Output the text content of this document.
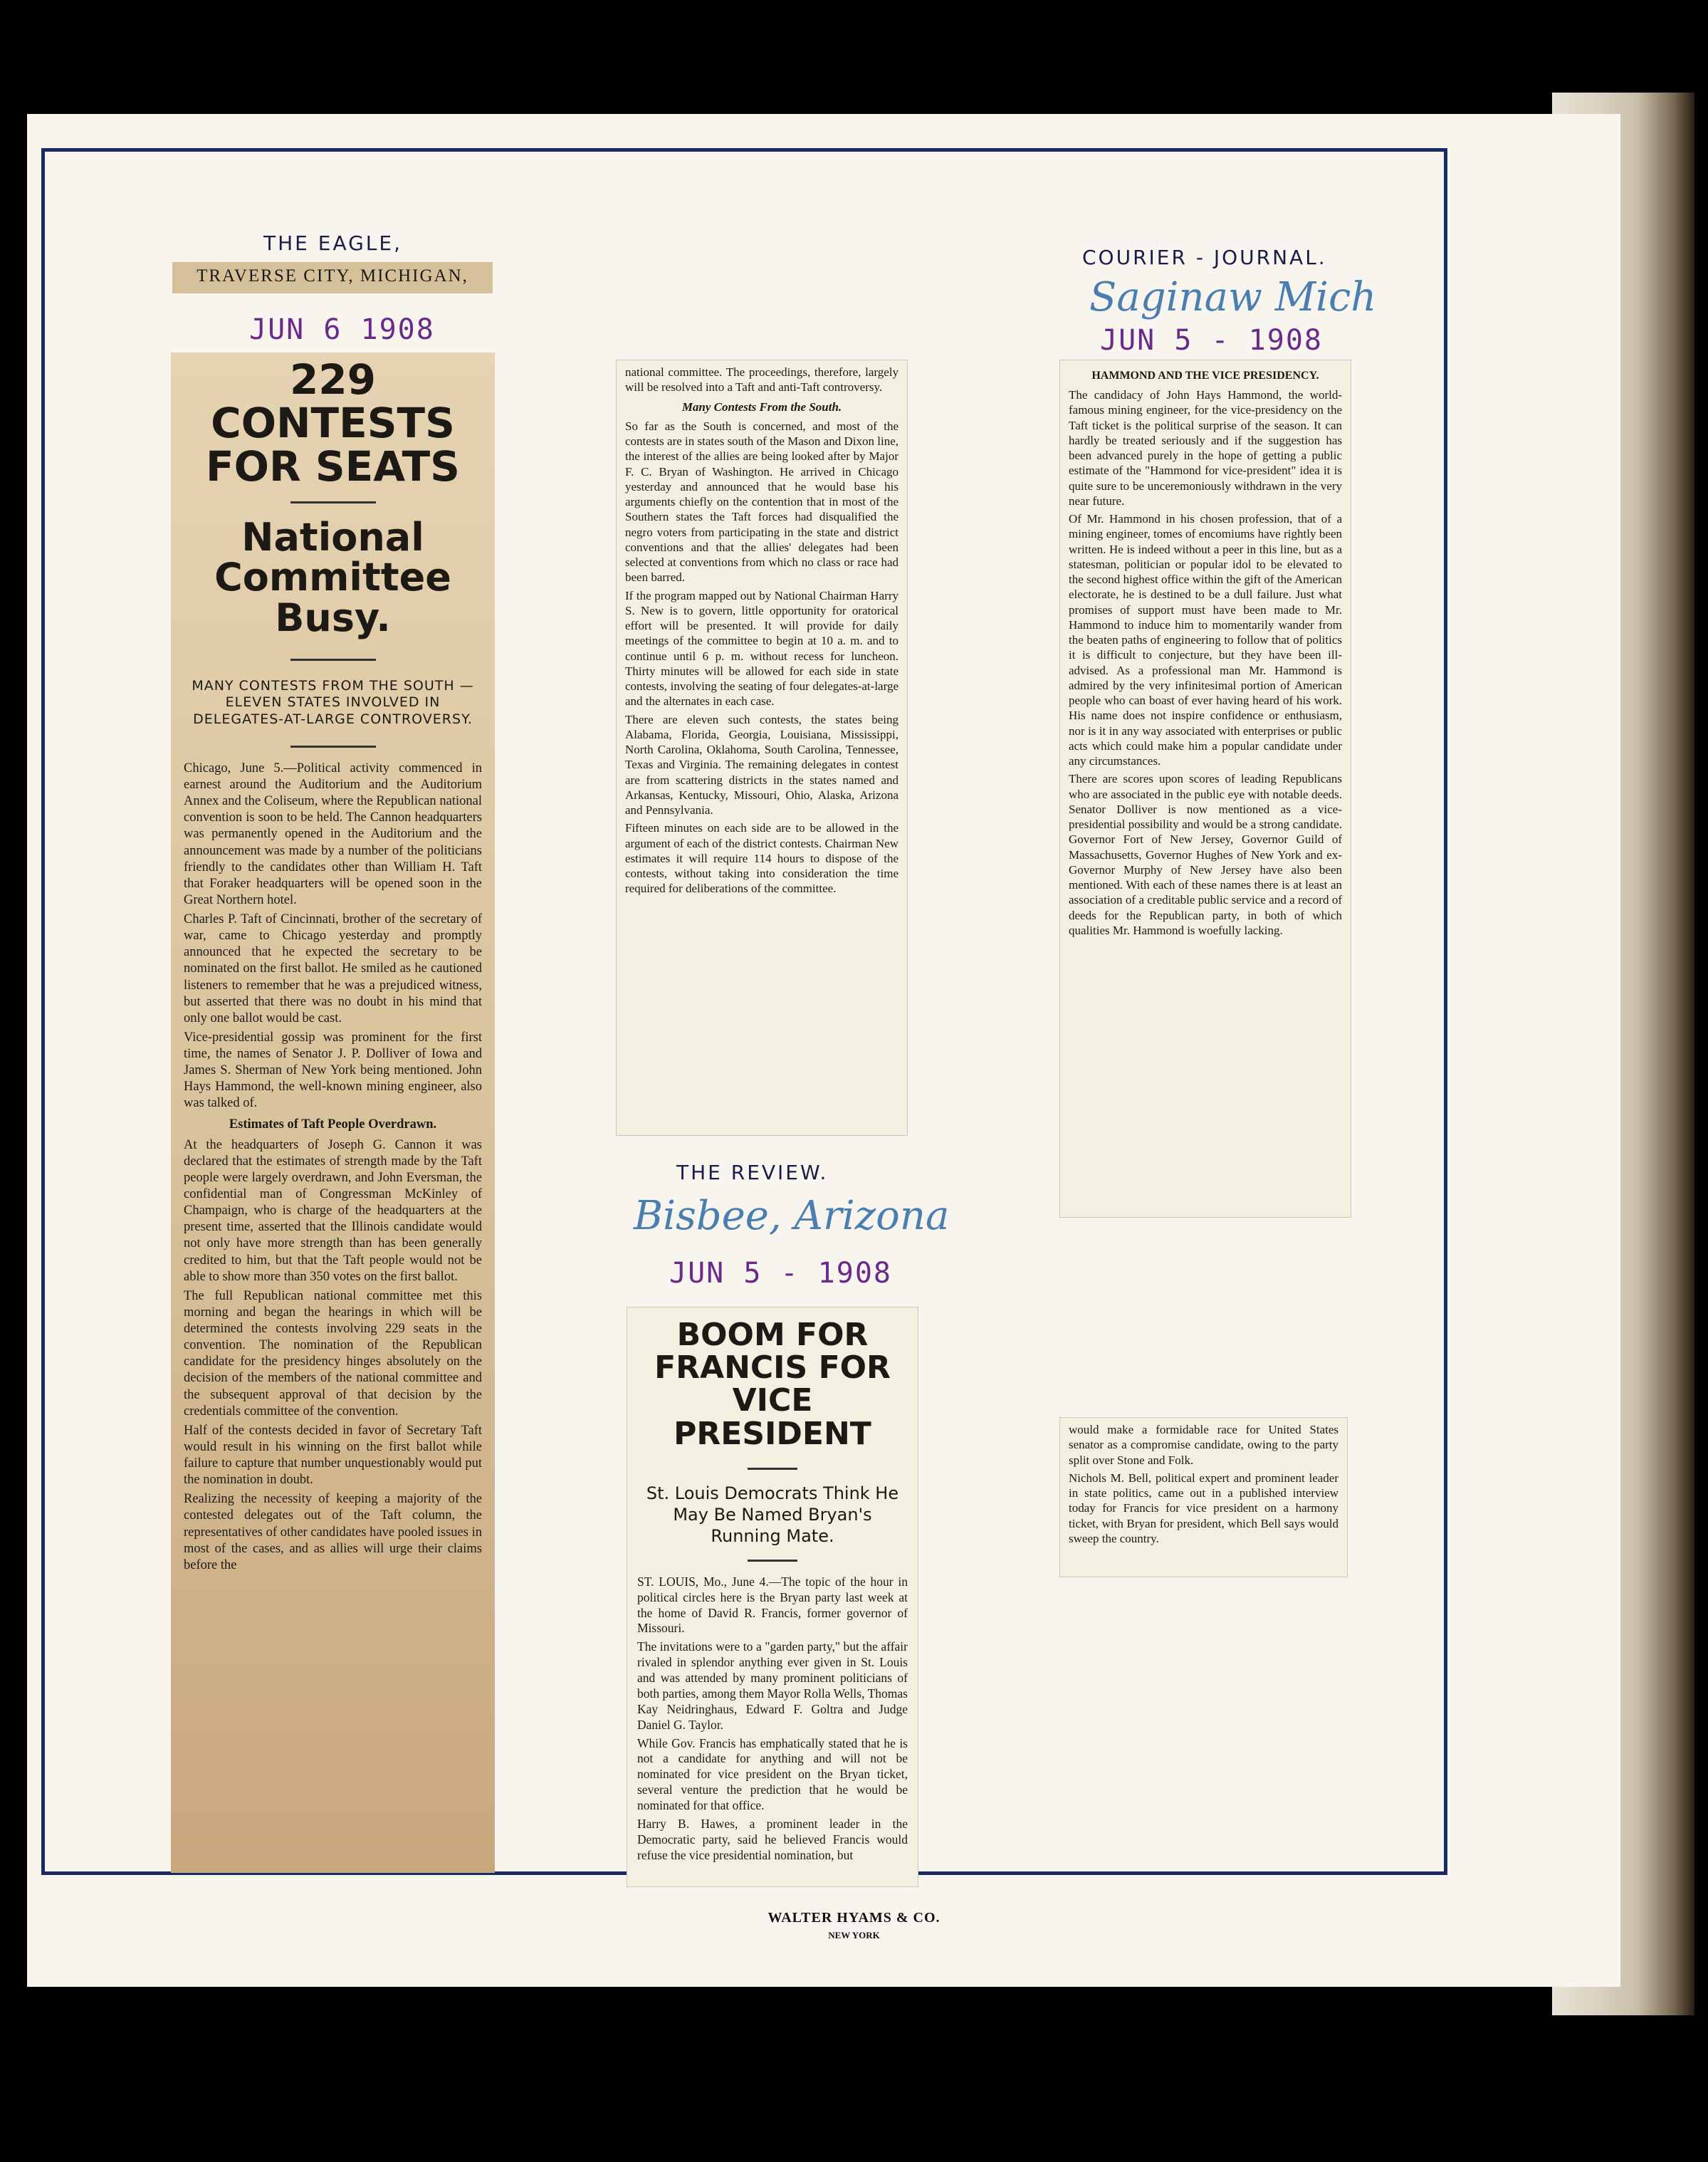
THE EAGLE,
TRAVERSE CITY, MICHIGAN,
JUN 6 1908
229 CONTESTS FOR SEATS
National Committee Busy.

MANY CONTESTS FROM THE SOUTH — ELEVEN STATES INVOLVED IN DELEGATES-AT-LARGE CONTROVERSY.

Chicago, June 5.—Political activity commenced in earnest around the Auditorium and the Auditorium Annex and the Coliseum, where the Republican national convention is soon to be held. The Cannon headquarters was permanently opened in the Auditorium and the announcement was made by a number of the politicians friendly to the candidates other than William H. Taft that Foraker headquarters will be opened soon in the Great Northern hotel.

Charles P. Taft of Cincinnati, brother of the secretary of war, came to Chicago yesterday and promptly announced that he expected the secretary to be nominated on the first ballot. He smiled as he cautioned listeners to remember that he was a prejudiced witness, but asserted that there was no doubt in his mind that only one ballot would be cast.

Vice-presidential gossip was prominent for the first time, the names of Senator J. P. Dolliver of Iowa and James S. Sherman of New York being mentioned. John Hays Hammond, the well-known mining engineer, also was talked of.

Estimates of Taft People Overdrawn.

At the headquarters of Joseph G. Cannon it was declared that the estimates of strength made by the Taft people were largely overdrawn, and John Eversman, the confidential man of Congressman McKinley of Champaign, who is charge of the headquarters at the present time, asserted that the Illinois candidate would not only have more strength than has been generally credited to him, but that the Taft people would not be able to show more than 350 votes on the first ballot.

The full Republican national committee met this morning and began the hearings in which will be determined the contests involving 229 seats in the convention. The nomination of the Republican candidate for the presidency hinges absolutely on the decision of the members of the national committee and the subsequent approval of that decision by the credentials committee of the convention.

Half of the contests decided in favor of Secretary Taft would result in his winning on the first ballot while failure to capture that number unquestionably would put the nomination in doubt.

Realizing the necessity of keeping a majority of the contested delegates out of the Taft column, the representatives of other candidates have pooled issues in most of the cases, and as allies will urge their claims before the

national committee. The proceedings, therefore, largely will be resolved into a Taft and anti-Taft controversy.

Many Contests From the South.

So far as the South is concerned, and most of the contests are in states south of the Mason and Dixon line, the interest of the allies are being looked after by Major F. C. Bryan of Washington. He arrived in Chicago yesterday and announced that he would base his arguments chiefly on the contention that in most of the Southern states the Taft forces had disqualified the negro voters from participating in the state and district conventions and that the allies' delegates had been selected at conventions from which no class or race had been barred.

If the program mapped out by National Chairman Harry S. New is to govern, little opportunity for oratorical effort will be presented. It will provide for daily meetings of the committee to begin at 10 a. m. and to continue until 6 p. m. without recess for luncheon. Thirty minutes will be allowed for each side in state contests, involving the seating of four delegates-at-large and the alternates in each case.

There are eleven such contests, the states being Alabama, Florida, Georgia, Louisiana, Mississippi, North Carolina, Oklahoma, South Carolina, Tennessee, Texas and Virginia. The remaining delegates in contest are from scattering districts in the states named and Arkansas, Kentucky, Missouri, Ohio, Alaska, Arizona and Pennsylvania.

Fifteen minutes on each side are to be allowed in the argument of each of the district contests. Chairman New estimates it will require 114 hours to dispose of the contests, without taking into consideration the time required for deliberations of the committee.

THE REVIEW.
Bisbee, Arizona
JUN 5 - 1908
BOOM FOR FRANCIS FOR VICE PRESIDENT

St. Louis Democrats Think He May Be Named Bryan's Running Mate.

ST. LOUIS, Mo., June 4.—The topic of the hour in political circles here is the Bryan party last week at the home of David R. Francis, former governor of Missouri.

The invitations were to a "garden party," but the affair rivaled in splendor anything ever given in St. Louis and was attended by many prominent politicians of both parties, among them Mayor Rolla Wells, Thomas Kay Neidringhaus, Edward F. Goltra and Judge Daniel G. Taylor.

While Gov. Francis has emphatically stated that he is not a candidate for anything and will not be nominated for vice president on the Bryan ticket, several venture the prediction that he would be nominated for that office.

Harry B. Hawes, a prominent leader in the Democratic party, said he believed Francis would refuse the vice presidential nomination, but

COURIER - JOURNAL.
Saginaw Mich
JUN 5 - 1908

HAMMOND AND THE VICE PRESIDENCY.

The candidacy of John Hays Hammond, the world-famous mining engineer, for the vice-presidency on the Taft ticket is the political surprise of the season. It can hardly be treated seriously and if the suggestion has been advanced purely in the hope of getting a public estimate of the "Hammond for vice-president" idea it is quite sure to be unceremoniously withdrawn in the very near future.

Of Mr. Hammond in his chosen profession, that of a mining engineer, tomes of encomiums have rightly been written. He is indeed without a peer in this line, but as a statesman, politician or popular idol to be elevated to the second highest office within the gift of the American electorate, he is destined to be a dull failure. Just what promises of support must have been made to Mr. Hammond to induce him to momentarily wander from the beaten paths of engineering to follow that of politics it is difficult to conjecture, but they have been ill-advised. As a professional man Mr. Hammond is admired by the very infinitesimal portion of American people who can boast of ever having heard of his work. His name does not inspire confidence or enthusiasm, nor is it in any way associated with enterprises or public acts which could make him a popular candidate under any circumstances.

There are scores upon scores of leading Republicans who are associated in the public eye with notable deeds. Senator Dolliver is now mentioned as a vice-presidential possibility and would be a strong candidate. Governor Fort of New Jersey, Governor Guild of Massachusetts, Governor Hughes of New York and ex-Governor Murphy of New Jersey have also been mentioned. With each of these names there is at least an association of a creditable public service and a record of deeds for the Republican party, in both of which qualities Mr. Hammond is woefully lacking.

would make a formidable race for United States senator as a compromise candidate, owing to the party split over Stone and Folk.

Nichols M. Bell, political expert and prominent leader in state politics, came out in a published interview today for Francis for vice president on a harmony ticket, with Bryan for president, which Bell says would sweep the country.

WALTER HYAMS & CO.
NEW YORK
